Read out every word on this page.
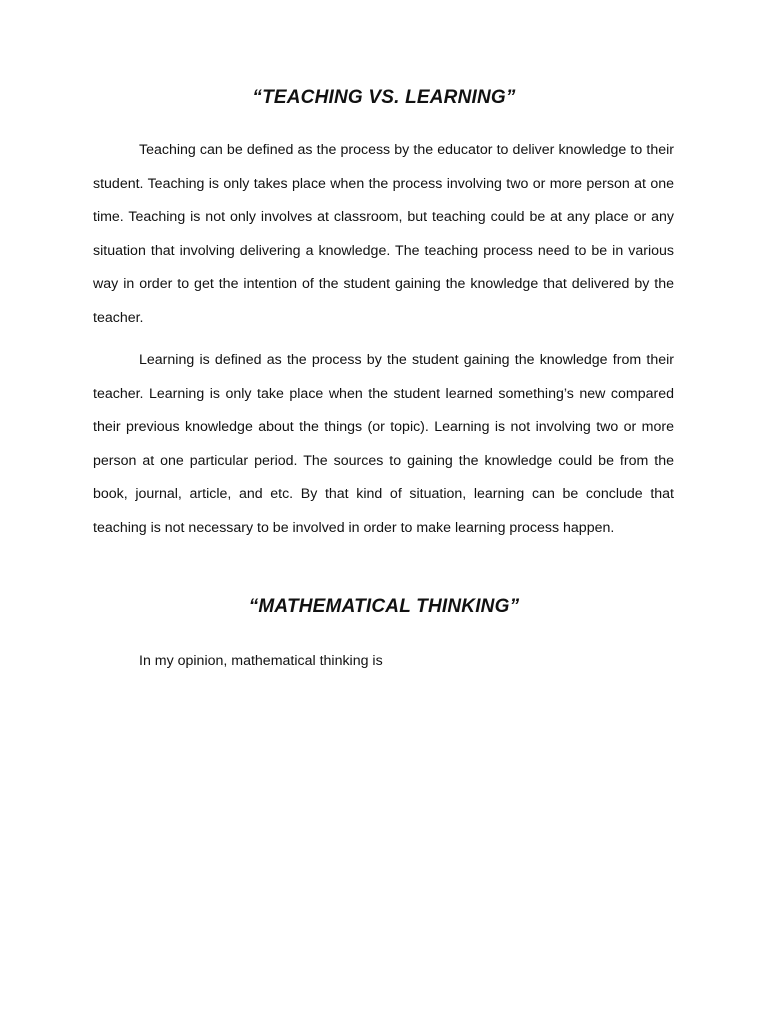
“TEACHING VS. LEARNING”

Teaching can be defined as the process by the educator to deliver knowledge to their student. Teaching is only takes place when the process involving two or more person at one time. Teaching is not only involves at classroom, but teaching could be at any place or any situation that involving delivering a knowledge. The teaching process need to be in various way in order to get the intention of the student gaining the knowledge that delivered by the teacher.

Learning is defined as the process by the student gaining the knowledge from their teacher. Learning is only take place when the student learned something’s new compared their previous knowledge about the things (or topic). Learning is not involving two or more person at one particular period. The sources to gaining the knowledge could be from the book, journal, article, and etc. By that kind of situation, learning can be conclude that teaching is not necessary to be involved in order to make learning process happen.

“MATHEMATICAL THINKING”

In my opinion, mathematical thinking is
